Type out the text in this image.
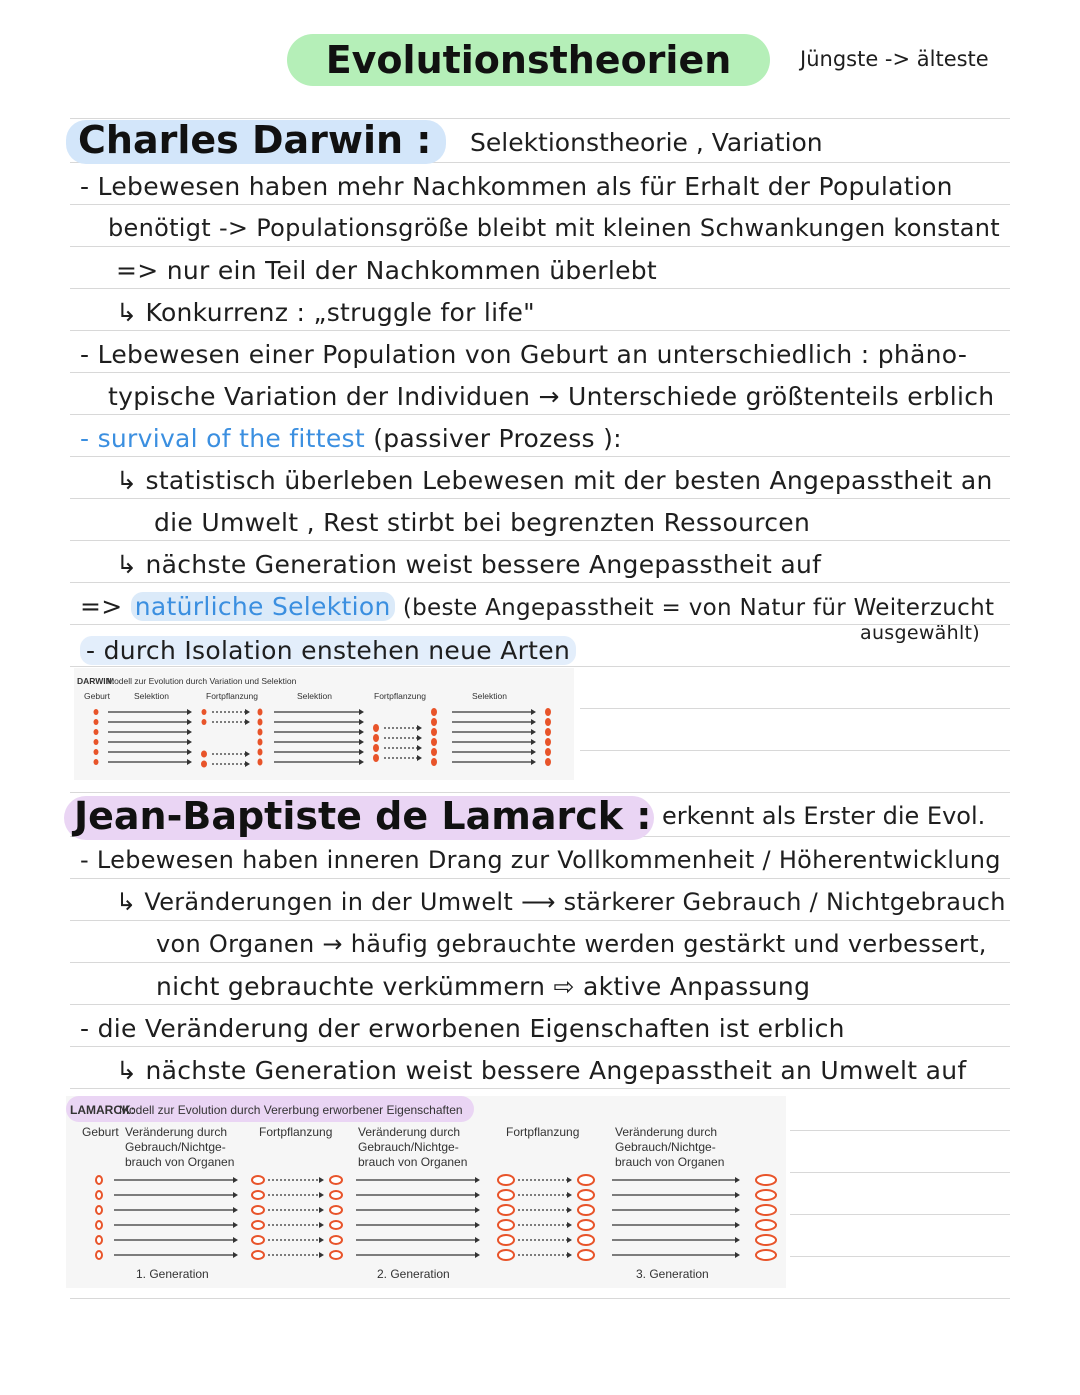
Evolutionstheorien	Jüngste -> älteste
Charles Darwin : Selektionstheorie , Variation
- Lebewesen haben mehr Nachkommen als für Erhalt der Population
benötigt -> Populationsgröße bleibt mit kleinen Schwankungen konstant
=> nur ein Teil der Nachkommen überlebt
↳ Konkurrenz : „struggle for life"
- Lebewesen einer Population von Geburt an unterschiedlich : phäno-
typische Variation der Individuen → Unterschiede größtenteils erblich
- survival of the fittest (passiver Prozess ):
↳ statistisch überleben Lebewesen mit der besten Angepasstheit an
die Umwelt , Rest stirbt bei begrenzten Ressourcen
↳ nächste Generation weist bessere Angepasstheit auf
=> natürliche Selektion (beste Angepasstheit = von Natur für Weiterzucht
ausgewählt)
- durch Isolation enstehen neue Arten
DARWIN:
Modell zur Evolution durch Variation und Selektion
Geburt	Selektion	Fortpflanzung	Selektion	Fortpflanzung	Selektion
Jean-Baptiste de Lamarck : erkennt als Erster die Evol.
- Lebewesen haben inneren Drang zur Vollkommenheit / Höherentwicklung
↳ Veränderungen in der Umwelt ⟶ stärkerer Gebrauch / Nichtgebrauch
von Organen → häufig gebrauchte werden gestärkt und verbessert,
nicht gebrauchte verkümmern ⇨ aktive Anpassung
- die Veränderung der erworbenen Eigenschaften ist erblich
↳ nächste Generation weist bessere Angepasstheit an Umwelt auf
LAMARCK:
Modell zur Evolution durch Vererbung erworbener Eigenschaften
Geburt Veränderung durch
Gebrauch/Nichtge-
brauch von Organen
Fortpflanzung Veränderung durch
Gebrauch/Nichtge-
brauch von Organen
Fortpflanzung	Veränderung durch
Gebrauch/Nichtge-
brauch von Organen
1. Generation	2. Generation	3. Generation
